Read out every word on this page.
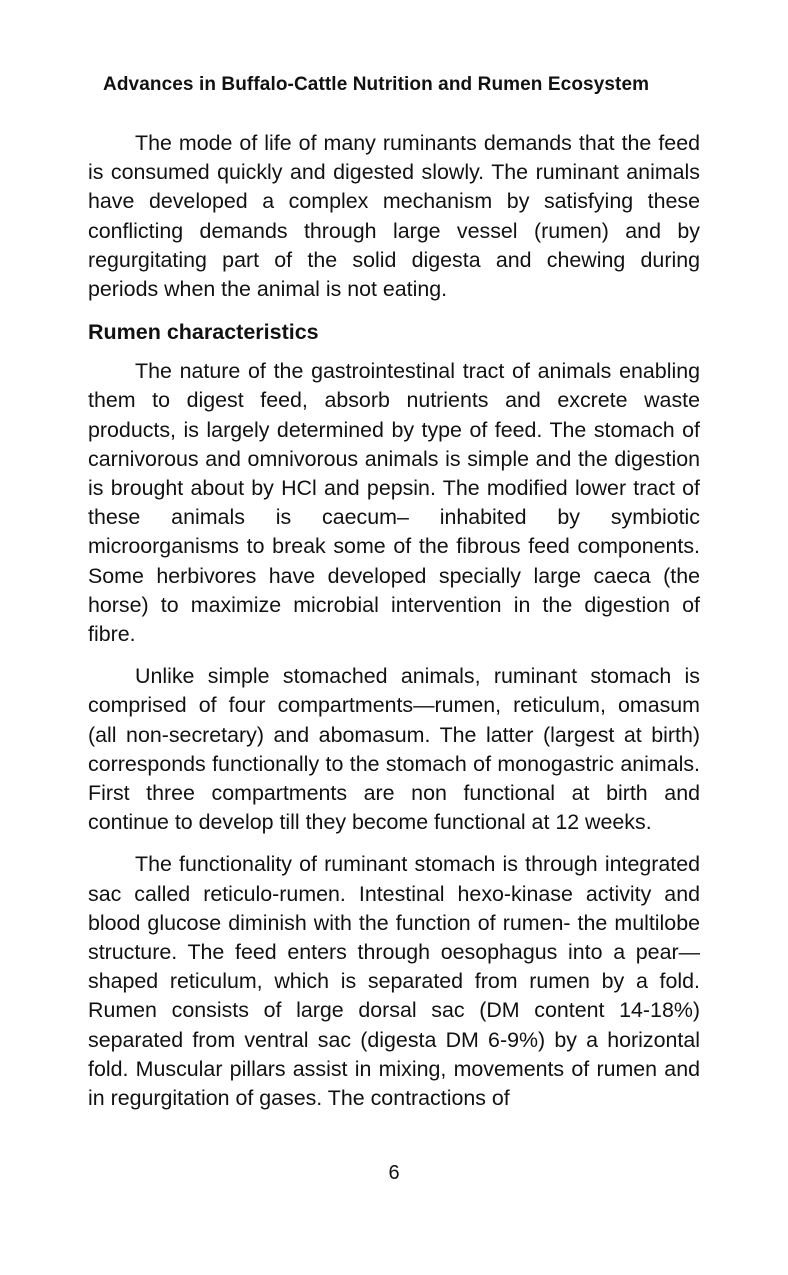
Advances in Buffalo-Cattle Nutrition and Rumen Ecosystem

The mode of life of many ruminants demands that the feed is consumed quickly and digested slowly. The ruminant animals have developed a complex mechanism by satisfying these conflicting demands through large vessel (rumen) and by regurgitating part of the solid digesta and chewing during periods when the animal is not eating.

Rumen characteristics

The nature of the gastrointestinal tract of animals enabling them to digest feed, absorb nutrients and excrete waste products, is largely determined by type of feed. The stomach of carnivorous and omnivorous animals is simple and the digestion is brought about by HCl and pepsin. The modified lower tract of these animals is caecum– inhabited by symbiotic microorganisms to break some of the fibrous feed components. Some herbivores have developed specially large caeca (the horse) to maximize microbial intervention in the digestion of fibre.

Unlike simple stomached animals, ruminant stomach is comprised of four compartments—rumen, reticulum, omasum (all non-secretary) and abomasum. The latter (largest at birth) corresponds functionally to the stomach of monogastric animals. First three compartments are non functional at birth and continue to develop till they become functional at 12 weeks.

The functionality of ruminant stomach is through integrated sac called reticulo-rumen. Intestinal hexo-kinase activity and blood glucose diminish with the function of rumen- the multilobe structure. The feed enters through oesophagus into a pear—shaped reticulum, which is separated from rumen by a fold. Rumen consists of large dorsal sac (DM content 14-18%) separated from ventral sac (digesta DM 6-9%) by a horizontal fold. Muscular pillars assist in mixing, movements of rumen and in regurgitation of gases. The contractions of

6
